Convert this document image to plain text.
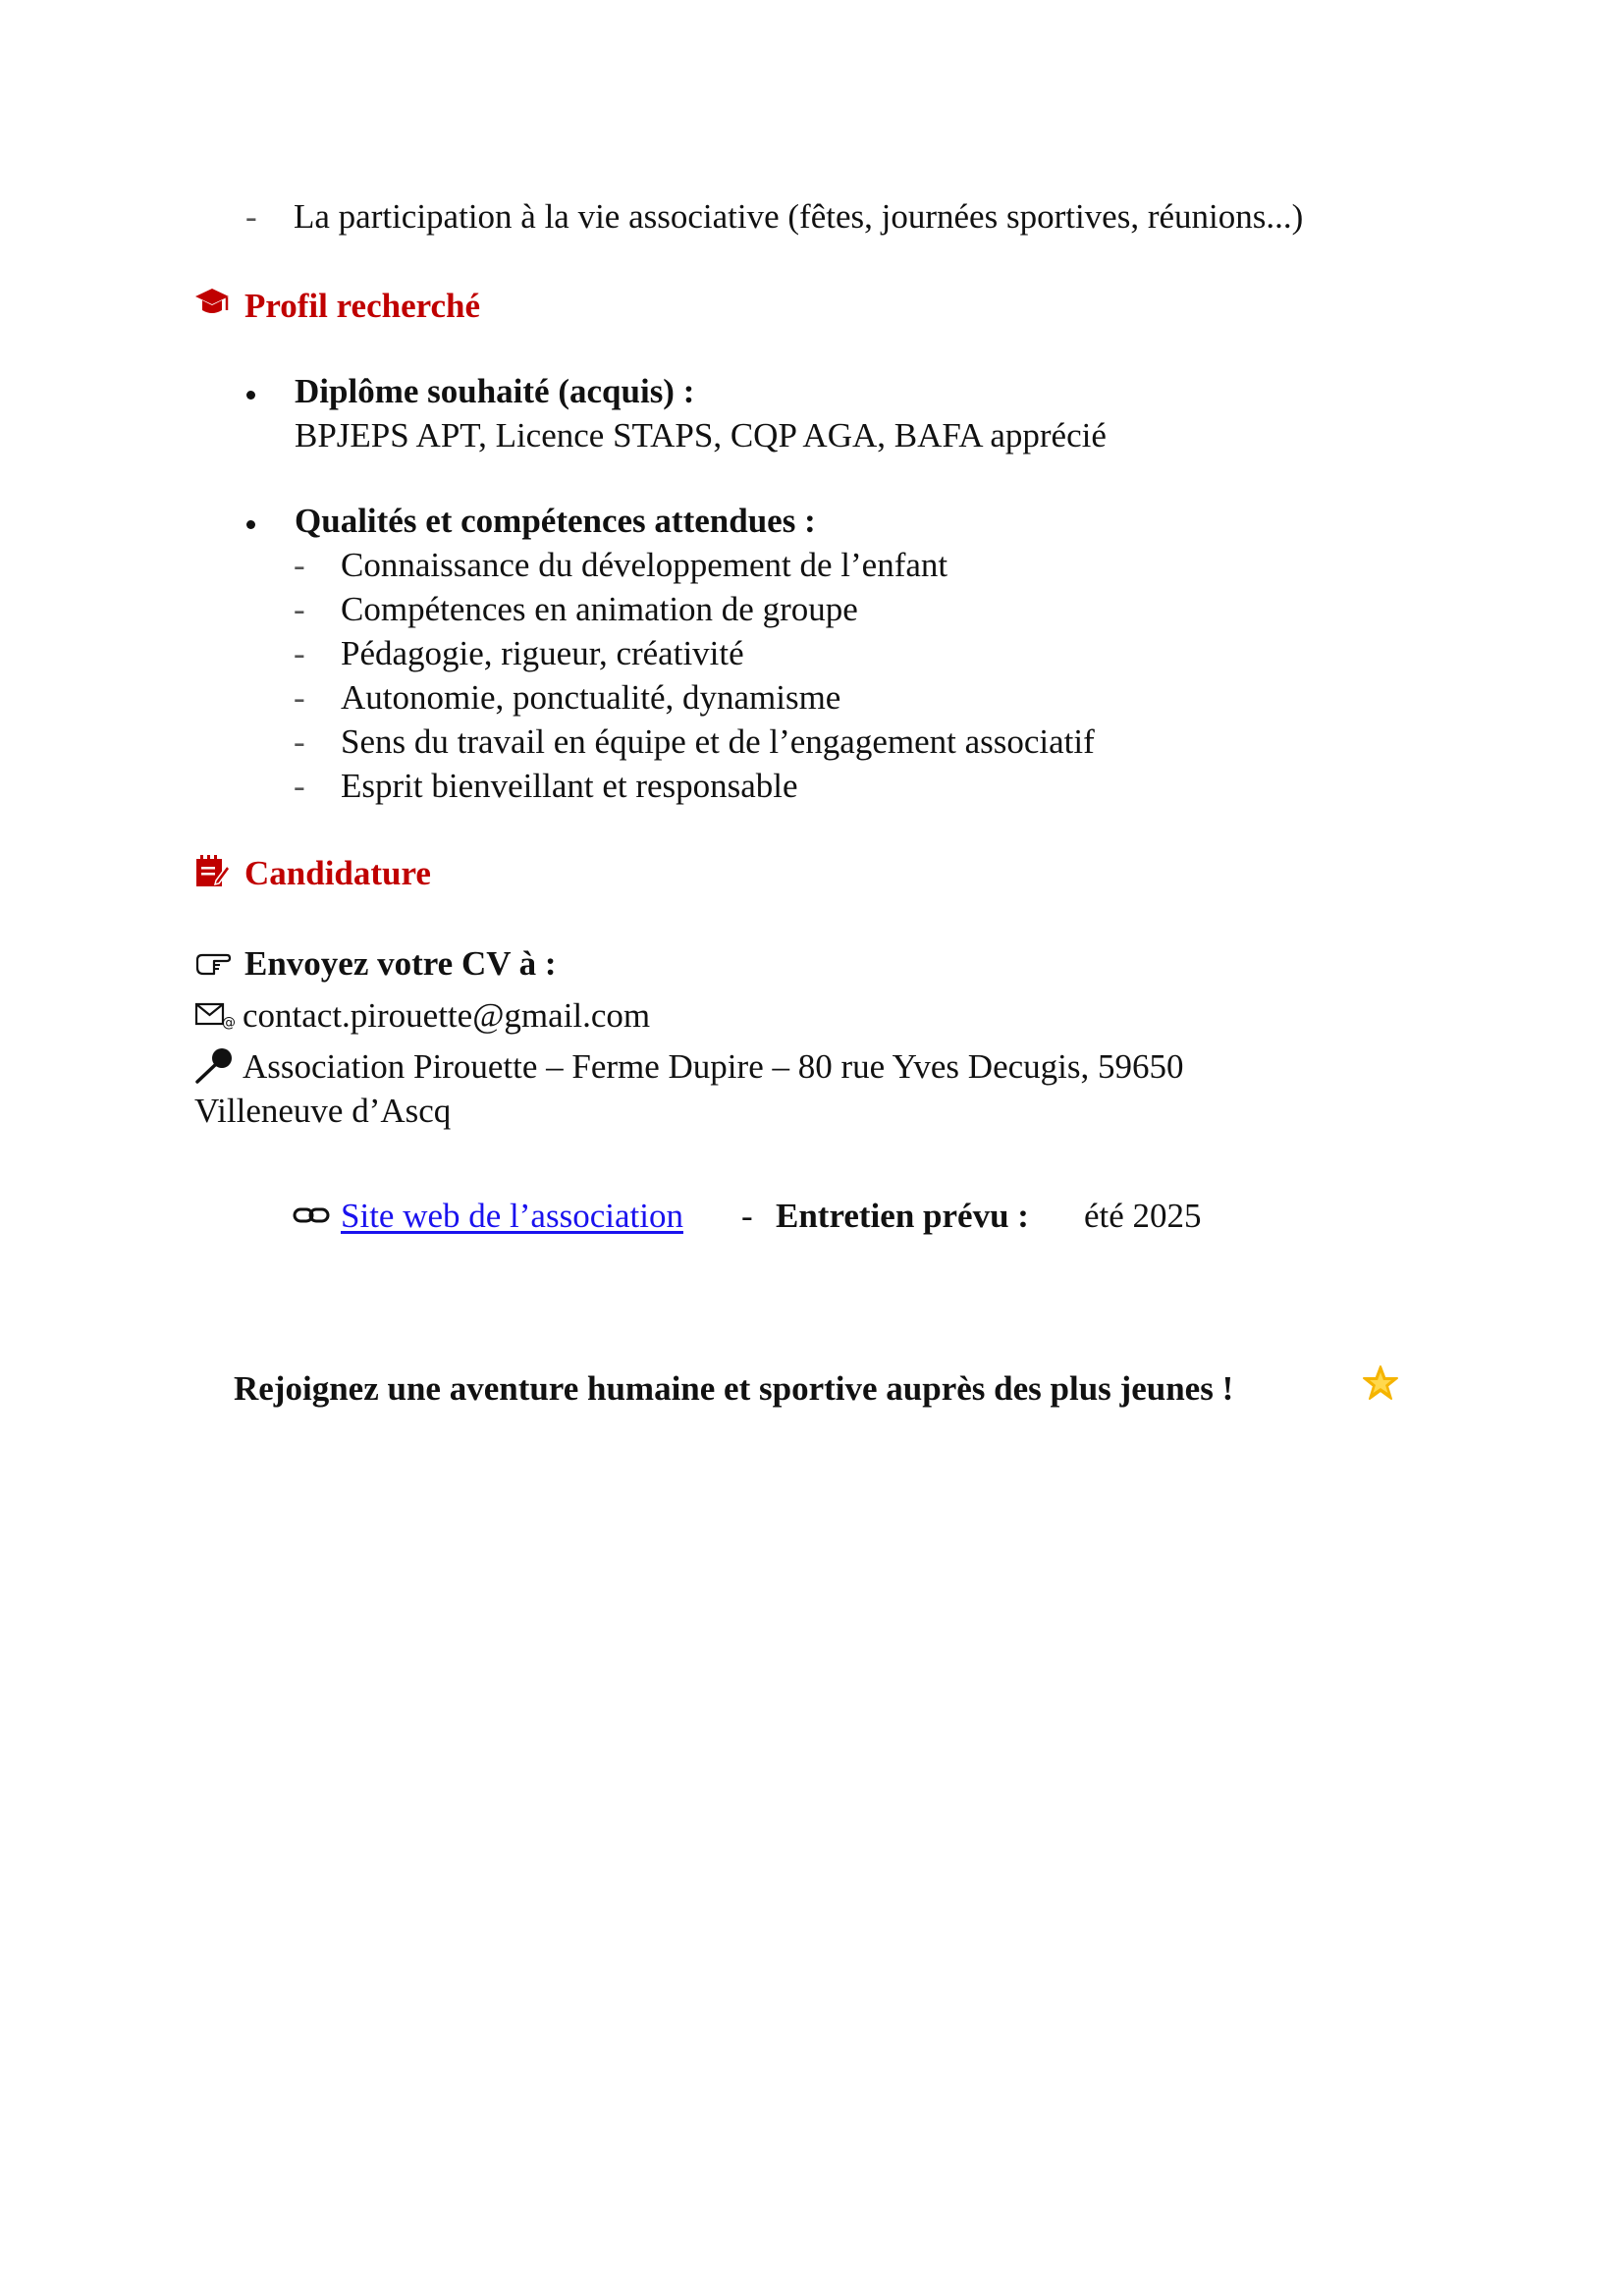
- La participation à la vie associative (fêtes, journées sportives, réunions...)
Profil recherché
Diplôme souhaité (acquis) :
BPJEPS APT, Licence STAPS, CQP AGA, BAFA apprécié
Qualités et compétences attendues :
- Connaissance du développement de l’enfant
- Compétences en animation de groupe
- Pédagogie, rigueur, créativité
- Autonomie, ponctualité, dynamisme
- Sens du travail en équipe et de l’engagement associatif
- Esprit bienveillant et responsable
Candidature
Envoyez votre CV à :
@ contact.pirouette@gmail.com
Association Pirouette – Ferme Dupire – 80 rue Yves Decugis, 59650
Villeneuve d’Ascq
Site web de l’association - Entretien prévu : été 2025
Rejoignez une aventure humaine et sportive auprès des plus jeunes !
